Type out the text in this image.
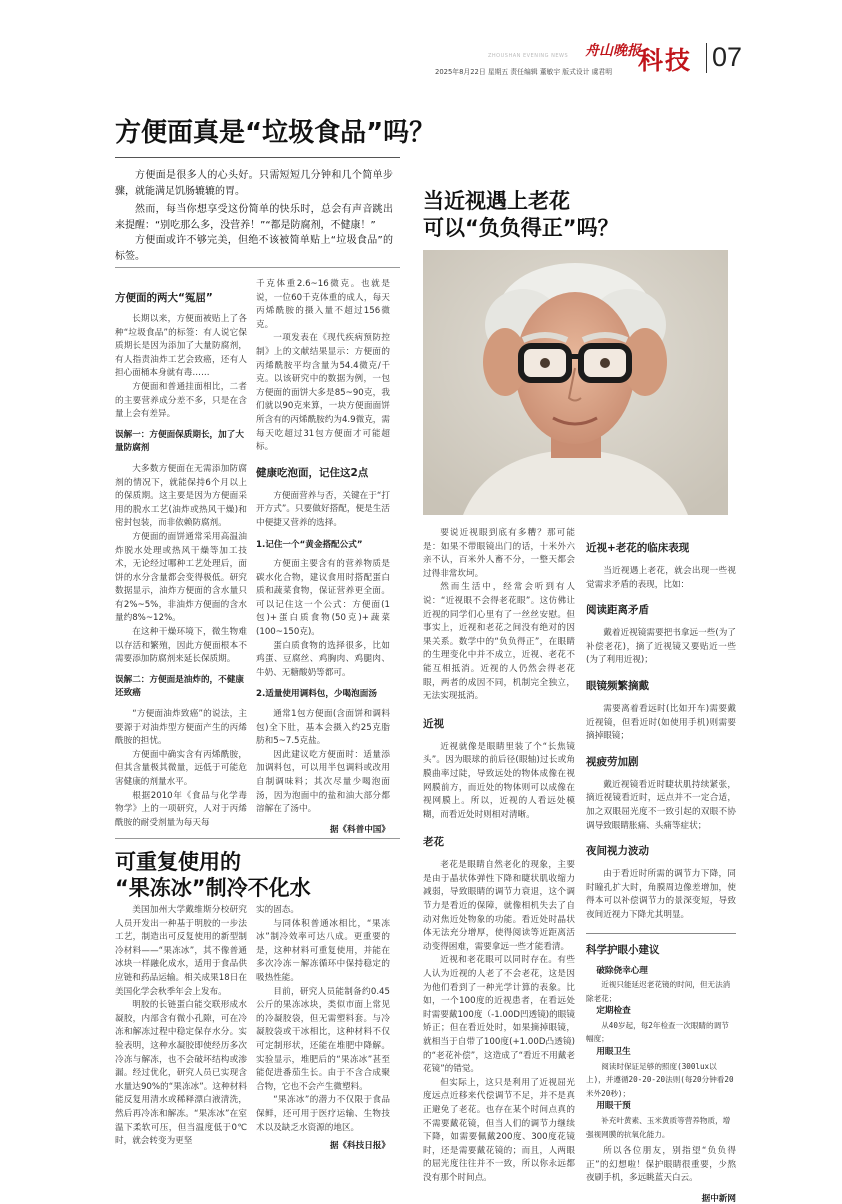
ZHOUSHAN EVENING NEWS 舟山晚报
科技 07
2025年8月22日 星期五 责任编辑 董敏宇 版式设计 虞君明
方便面真是“垃圾食品”吗？

方便面是很多人的心头好。只需短短几分钟和几个简单步骤，就能满足饥肠辘辘的胃。

然而，每当你想享受这份简单的快乐时，总会有声音跳出来提醒：“别吃那么多，没营养！”“都是防腐剂，不健康！”

方便面或许不够完美，但绝不该被简单贴上“垃圾食品”的标签。

方便面的两大“冤屈”

长期以来，方便面被贴上了各种“垃圾食品”的标签：有人说它保质期长是因为添加了大量防腐剂，有人指责油炸工艺会致癌，还有人担心面桶本身就有毒……

方便面和普通挂面相比，二者的主要营养成分差不多，只是在含量上会有差异。

误解一：方便面保质期长，加了大量防腐剂

大多数方便面在无需添加防腐剂的情况下，就能保持6个月以上的保质期。这主要是因为方便面采用的脱水工艺(油炸或热风干燥)和密封包装，而非依赖防腐剂。

方便面的面饼通常采用高温油炸脱水处理或热风干燥等加工技术，无论经过哪种工艺处理后，面饼的水分含量都会变得极低。研究数据显示，油炸方便面的含水量只有2%~5%，非油炸方便面的含水量约8%~12%。

在这种干燥环境下，微生物难以存活和繁殖，因此方便面根本不需要添加防腐剂来延长保质期。

误解二：方便面是油炸的，不健康还致癌

“方便面油炸致癌”的说法，主要源于对油炸型方便面产生的丙烯酰胺的担忧。

方便面中确实含有丙烯酰胺，但其含量极其微量，远低于可能危害健康的剂量水平。

根据2010年《食品与化学毒物学》上的一项研究，人对于丙烯酰胺的耐受剂量为每天每

千克体重2.6~16微克。也就是说，一位60千克体重的成人，每天丙烯酰胺的摄入量不超过156微克。

一项发表在《现代疾病预防控制》上的文献结果显示：方便面的丙烯酰胺平均含量为54.4微克/千克。以该研究中的数据为例，一包方便面的面饼大多是85~90克，我们就以90克来算，一块方便面面饼所含有的丙烯酰胺约为4.9微克，需每天吃超过31包方便面才可能超标。

健康吃泡面，记住这2点

方便面营养与否，关键在于“打开方式”。只要做好搭配，便是生活中便捷又营养的选择。

1.记住一个“黄金搭配公式”

方便面主要含有的营养物质是碳水化合物，建议食用时搭配蛋白质和蔬菜食物，保证营养更全面。可以记住这一个公式：方便面(1包)+蛋白质食物(50克)+蔬菜(100~150克)。

蛋白质食物的选择很多，比如鸡蛋、豆腐丝、鸡胸肉、鸡腿肉、牛奶、无糖酸奶等都可。

2.适量使用调料包，少喝泡面汤

通常1包方便面(含面饼和调料包)全下肚，基本会摄入约25克脂肪和5~7.5克盐。

因此建议吃方便面时：适量添加调料包，可以用半包调料或改用自制调味料；其次尽量少喝泡面汤，因为泡面中的盐和油大部分都溶解在了汤中。

据《科普中国》

当近视遇上老花
可以“负负得正”吗？

要说近视眼到底有多糟？那可能是：如果不带眼镜出门的话，十米外六亲不认，百米外人畜不分，一整天都会过得非常坎坷。

然而生活中，经常会听到有人说：“近视眼不会得老花眼”。这仿佛让近视的同学们心里有了一丝丝安慰。但事实上，近视和老花之间没有绝对的因果关系。数学中的“负负得正”，在眼睛的生理变化中并不成立，近视、老花不能互相抵消。近视的人仍然会得老花眼，两者的成因不同，机制完全独立，无法实现抵消。

近视

近视就像是眼睛里装了个“长焦镜头”。因为眼球的前后径(眼轴)过长或角膜曲率过陡，导致远处的物体成像在视网膜前方，而近处的物体则可以成像在视网膜上。所以，近视的人看远处模糊，而看近处时则相对清晰。

老花

老花是眼睛自然老化的现象，主要是由于晶状体弹性下降和睫状肌收缩力减弱，导致眼睛的调节力衰退，这个调节力是看近的保障，就像相机失去了自动对焦近处物象的功能。看近处时晶状体无法充分增厚，使得阅读等近距离活动变得困难，需要拿远一些才能看清。

近视和老花眼可以同时存在。有些人认为近视的人老了不会老花，这是因为他们看到了一种光学计算的表象。比如，一个100度的近视患者，在看远处时需要戴100度（-1.00D凹透镜)的眼镜矫正；但在看近处时，如果摘掉眼镜，就相当于自带了100度(+1.00D凸透镜)的“老花补偿”，这造成了“看近不用戴老花镜”的错觉。

但实际上，这只是利用了近视屈光度远点近移来代偿调节不足，并不是真正避免了老花。也存在某个时间点真的不需要戴花镜，但当人们的调节力继续下降，如需要佩戴200度、300度花镜时，还是需要戴花镜的；而且，人两眼的屈光度往往并不一致，所以你永远都没有那个时间点。

近视+老花的临床表现

当近视遇上老花，就会出现一些视觉需求矛盾的表现，比如：

阅读距离矛盾

戴着近视镜需要把书拿远一些(为了补偿老花)，摘了近视镜又要贴近一些(为了利用近视)；

眼镜频繁摘戴

需要离着看远时(比如开车)需要戴近视镜，但看近时(如使用手机)则需要摘掉眼镜；

视疲劳加剧

戴近视镜看近时睫状肌持续紧张，摘近视镜看近时，远点并不一定合适，加之双眼屈光度不一致引起的双眼不协调导致眼睛胀痛、头痛等症状；

夜间视力波动

由于看近时所需的调节力下降，同时瞳孔扩大时，角膜周边像差增加，使得本可以补偿调节力的景深变短，导致夜间近视力下降尤其明显。

科学护眼小建议

破除侥幸心理

近视只能延迟老花镜的时间，但无法消除老花；

定期检查

从40岁起，每2年检查一次眼睛的调节幅度；

用眼卫生

阅读时保证足够的照度(300lux以上)，并遵循20-20-20法则(每20分钟看20米外20秒)；

用眼干预

补充叶黄素、玉米黄质等营养物质，增强视网膜的抗氧化能力。

所以各位朋友，别指望“负负得正”的幻想啦！保护眼睛很重要，少熬夜刷手机，多远眺蓝天白云。

据中新网

可重复使用的
“果冻冰”制冷不化水

美国加州大学戴维斯分校研究人员开发出一种基于明胶的一步法工艺，制造出可反复使用的新型制冷材料——“果冻冰”，其不像普通冰块一样融化成水，适用于食品供应链和药品运输。相关成果18日在美国化学会秋季年会上发布。

明胶的长链蛋白能交联形成水凝胶，内部含有微小孔隙，可在冷冻和解冻过程中稳定保存水分。实验表明，这种水凝胶即使经历多次冷冻与解冻，也不会破坏结构或渗漏。经过优化，研究人员已实现含水量达90%的“果冻冰”。这种材料能反复用清水或稀释漂白液清洗，然后再冷冻和解冻。“果冻冰”在室温下柔软可压，但当温度低于0℃时，就会转变为更坚

实的固态。

与同体积普通冰相比，“果冻冰”制冷效率可达八成。更重要的是，这种材料可重复使用，并能在多次冷冻－解冻循环中保持稳定的吸热性能。

目前，研究人员能制备约0.45公斤的果冻冰块，类似市面上常见的冷凝胶袋，但无需塑料套。与冷凝胶袋或干冰相比，这种材料不仅可定制形状，还能在堆肥中降解。实验显示，堆肥后的“果冻冰”甚至能促进番茄生长。由于不含合成聚合物，它也不会产生微塑料。

“果冻冰”的潜力不仅限于食品保鲜，还可用于医疗运输、生物技术以及缺乏水资源的地区。

据《科技日报》
